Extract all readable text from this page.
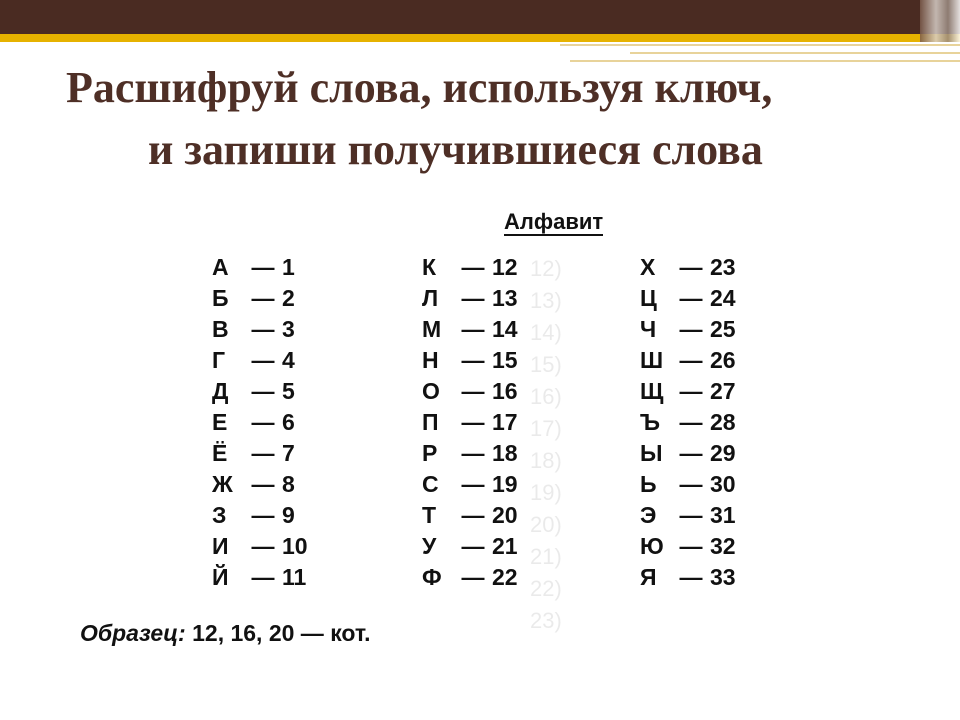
Расшифруй слова, используя ключ,
и запиши получившиеся слова
12)
13)
14)
15)
16)
17)
18)
19)
20)
21)
22)
23)
Алфавит
А — 1
Б — 2
В — 3
Г	— 4
Д	— 5
Е	— 6
Ё	— 7
Ж — 8
З	— 9
И — 10
Й — 11
К	— 12
Л	— 13
М — 14
Н — 15
О — 16
П — 17
Р	— 18
С — 19
Т	— 20
У	— 21
Ф — 22
Х	— 23
Ц — 24
Ч	— 25
Ш — 26
Щ — 27
Ъ — 28
Ы — 29
Ь — 30
Э	— 31
Ю — 32
Я — 33
Образец: 12, 16, 20 — кот.
